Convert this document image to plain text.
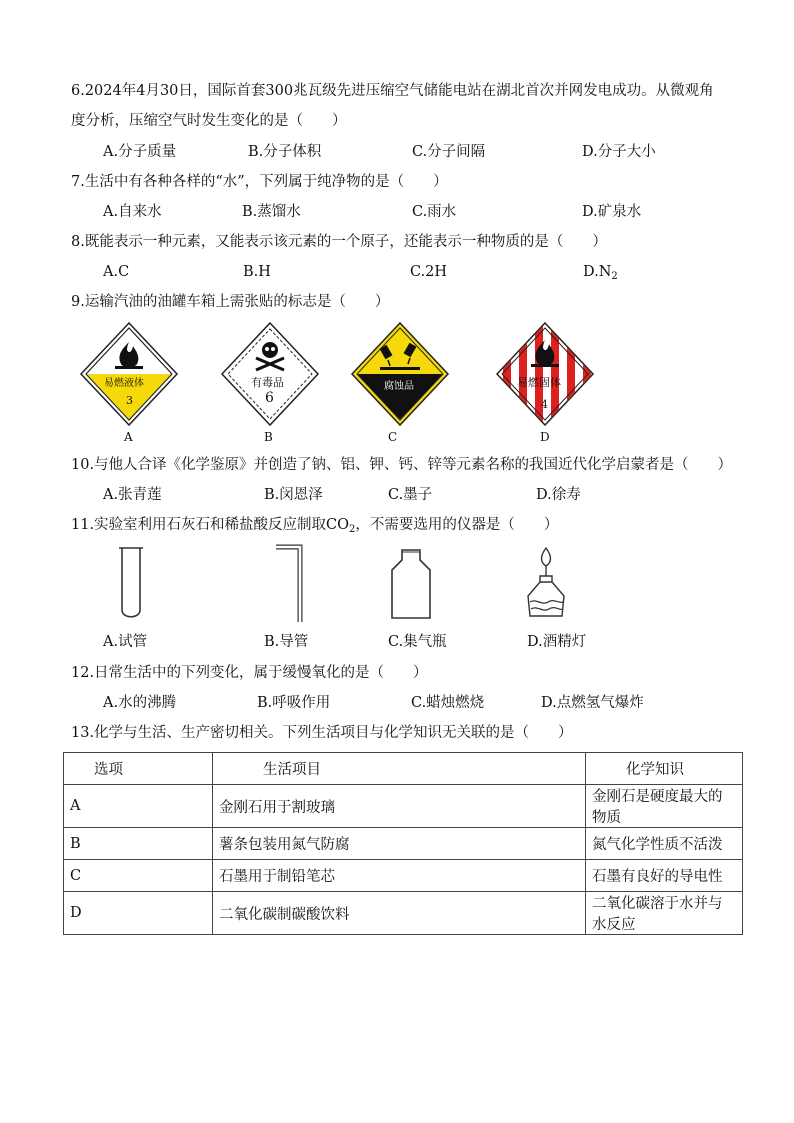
6.2024年4月30日，国际首套300兆瓦级先进压缩空气储能电站在湖北首次并网发电成功。从微观角
度分析，压缩空气时发生变化的是（　　）
A.分子质量	B.分子体积	C.分子间隔	D.分子大小
7.生活中有各种各样的“水”，下列属于纯净物的是（　　）
A.自来水	B.蒸馏水	C.雨水	D.矿泉水
8.既能表示一种元素，又能表示该元素的一个原子，还能表示一种物质的是（　　）
A.C	B.H	C.2H	$D.N_2$
9.运输汽油的油罐车箱上需张贴的标志是（　　）
易燃液体
3
A
有毒品
6
B
腐蚀品
C
易燃固体
4
D
10.与他人合译《化学鉴原》并创造了钠、铝、钾、钙、锌等元素名称的我国近代化学启蒙者是（　　）
A.张青莲	B.闵恩泽	C.墨子	D.徐寿
11.实验室利用石灰石和稀盐酸反应制取$CO_2$，不需要选用的仪器是（　　）
A.试管	B.导管	C.集气瓶	D.酒精灯
12.日常生活中的下列变化，属于缓慢氧化的是（　　）
A.水的沸腾	B.呼吸作用	C.蜡烛燃烧	D.点燃氢气爆炸
13.化学与生活、生产密切相关。下列生活项目与化学知识无关联的是（　　）
选项	生活项目	化学知识
A	金刚石用于割玻璃	金刚石是硬度最大的物质
B	薯条包装用氮气防腐	氮气化学性质不活泼
C	石墨用于制铅笔芯	石墨有良好的导电性
D	二氧化碳制碳酸饮料	二氧化碳溶于水并与水反应
